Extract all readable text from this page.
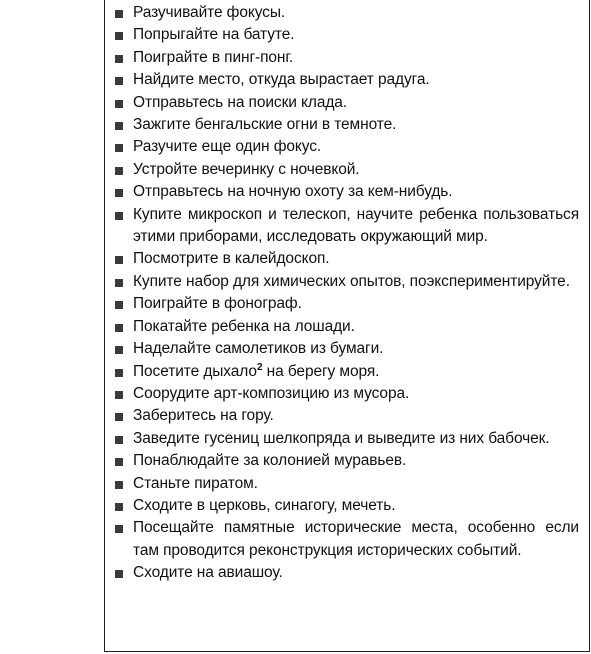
Разучивайте фокусы.
Попрыгайте на батуте.
Поиграйте в пинг-понг.
Найдите место, откуда вырастает радуга.
Отправьтесь на поиски клада.
Зажгите бенгальские огни в темноте.
Разучите еще один фокус.
Устройте вечеринку с ночевкой.
Отправьтесь на ночную охоту за кем-нибудь.
Купите микроскоп и телескоп, научите ребенка пользоваться этими приборами, исследовать окружающий мир.
Посмотрите в калейдоскоп.
Купите набор для химических опытов, поэкспериментируйте.
Поиграйте в фонограф.
Покатайте ребенка на лошади.
Наделайте самолетиков из бумаги.
Посетите дыхало$^2$ на берегу моря.
Соорудите арт-композицию из мусора.
Заберитесь на гору.
Заведите гусениц шелкопряда и выведите из них бабочек.
Понаблюдайте за колонией муравьев.
Станьте пиратом.
Сходите в церковь, синагогу, мечеть.
Посещайте памятные исторические места, особенно если там проводится реконструкция исторических событий.
Сходите на авиашоу.
